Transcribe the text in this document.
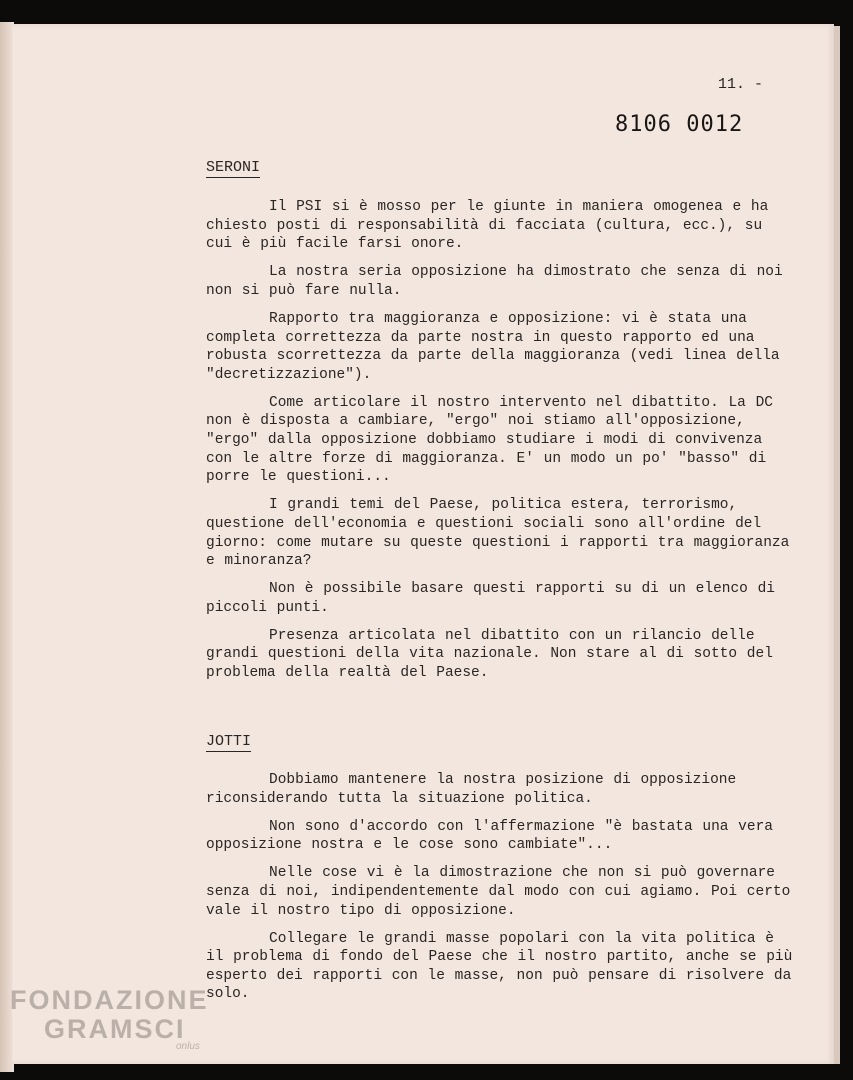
11. -
8106 0012
SERONI

Il PSI si è mosso per le giunte in maniera omogenea e ha chiesto posti di responsabilità di facciata (cultura, ecc.), su cui è più facile farsi onore.

La nostra seria opposizione ha dimostrato che senza di noi non si può fare nulla.

Rapporto tra maggioranza e opposizione: vi è stata una completa correttezza da parte nostra in questo rapporto ed una robusta scorrettezza da parte della maggioranza (vedi linea della "decretizzazione").

Come articolare il nostro intervento nel dibattito. La DC non è disposta a cambiare, "ergo" noi stiamo all'opposizione, "ergo" dalla opposizione dobbiamo studiare i modi di convivenza con le altre forze di maggioranza. E' un modo un po' "basso" di porre le questioni...

I grandi temi del Paese, politica estera, terrorismo, questione dell'economia e questioni sociali sono all'ordine del giorno: come mutare su queste questioni i rapporti tra maggioranza e minoranza?

Non è possibile basare questi rapporti su di un elenco di piccoli punti.

Presenza articolata nel dibattito con un rilancio delle grandi questioni della vita nazionale. Non stare al di sotto del problema della realtà del Paese.

JOTTI

Dobbiamo mantenere la nostra posizione di opposizione riconsiderando tutta la situazione politica.

Non sono d'accordo con l'affermazione "è bastata una vera opposizione nostra e le cose sono cambiate"...

Nelle cose vi è la dimostrazione che non si può governare senza di noi, indipendentemente dal modo con cui agiamo. Poi certo vale il nostro tipo di opposizione.

Collegare le grandi masse popolari con la vita politica è il problema di fondo del Paese che il nostro partito, anche se più esperto dei rapporti con le masse, non può pensare di risolvere da solo.

FONDAZIONE
GRAMSCI
onlus
